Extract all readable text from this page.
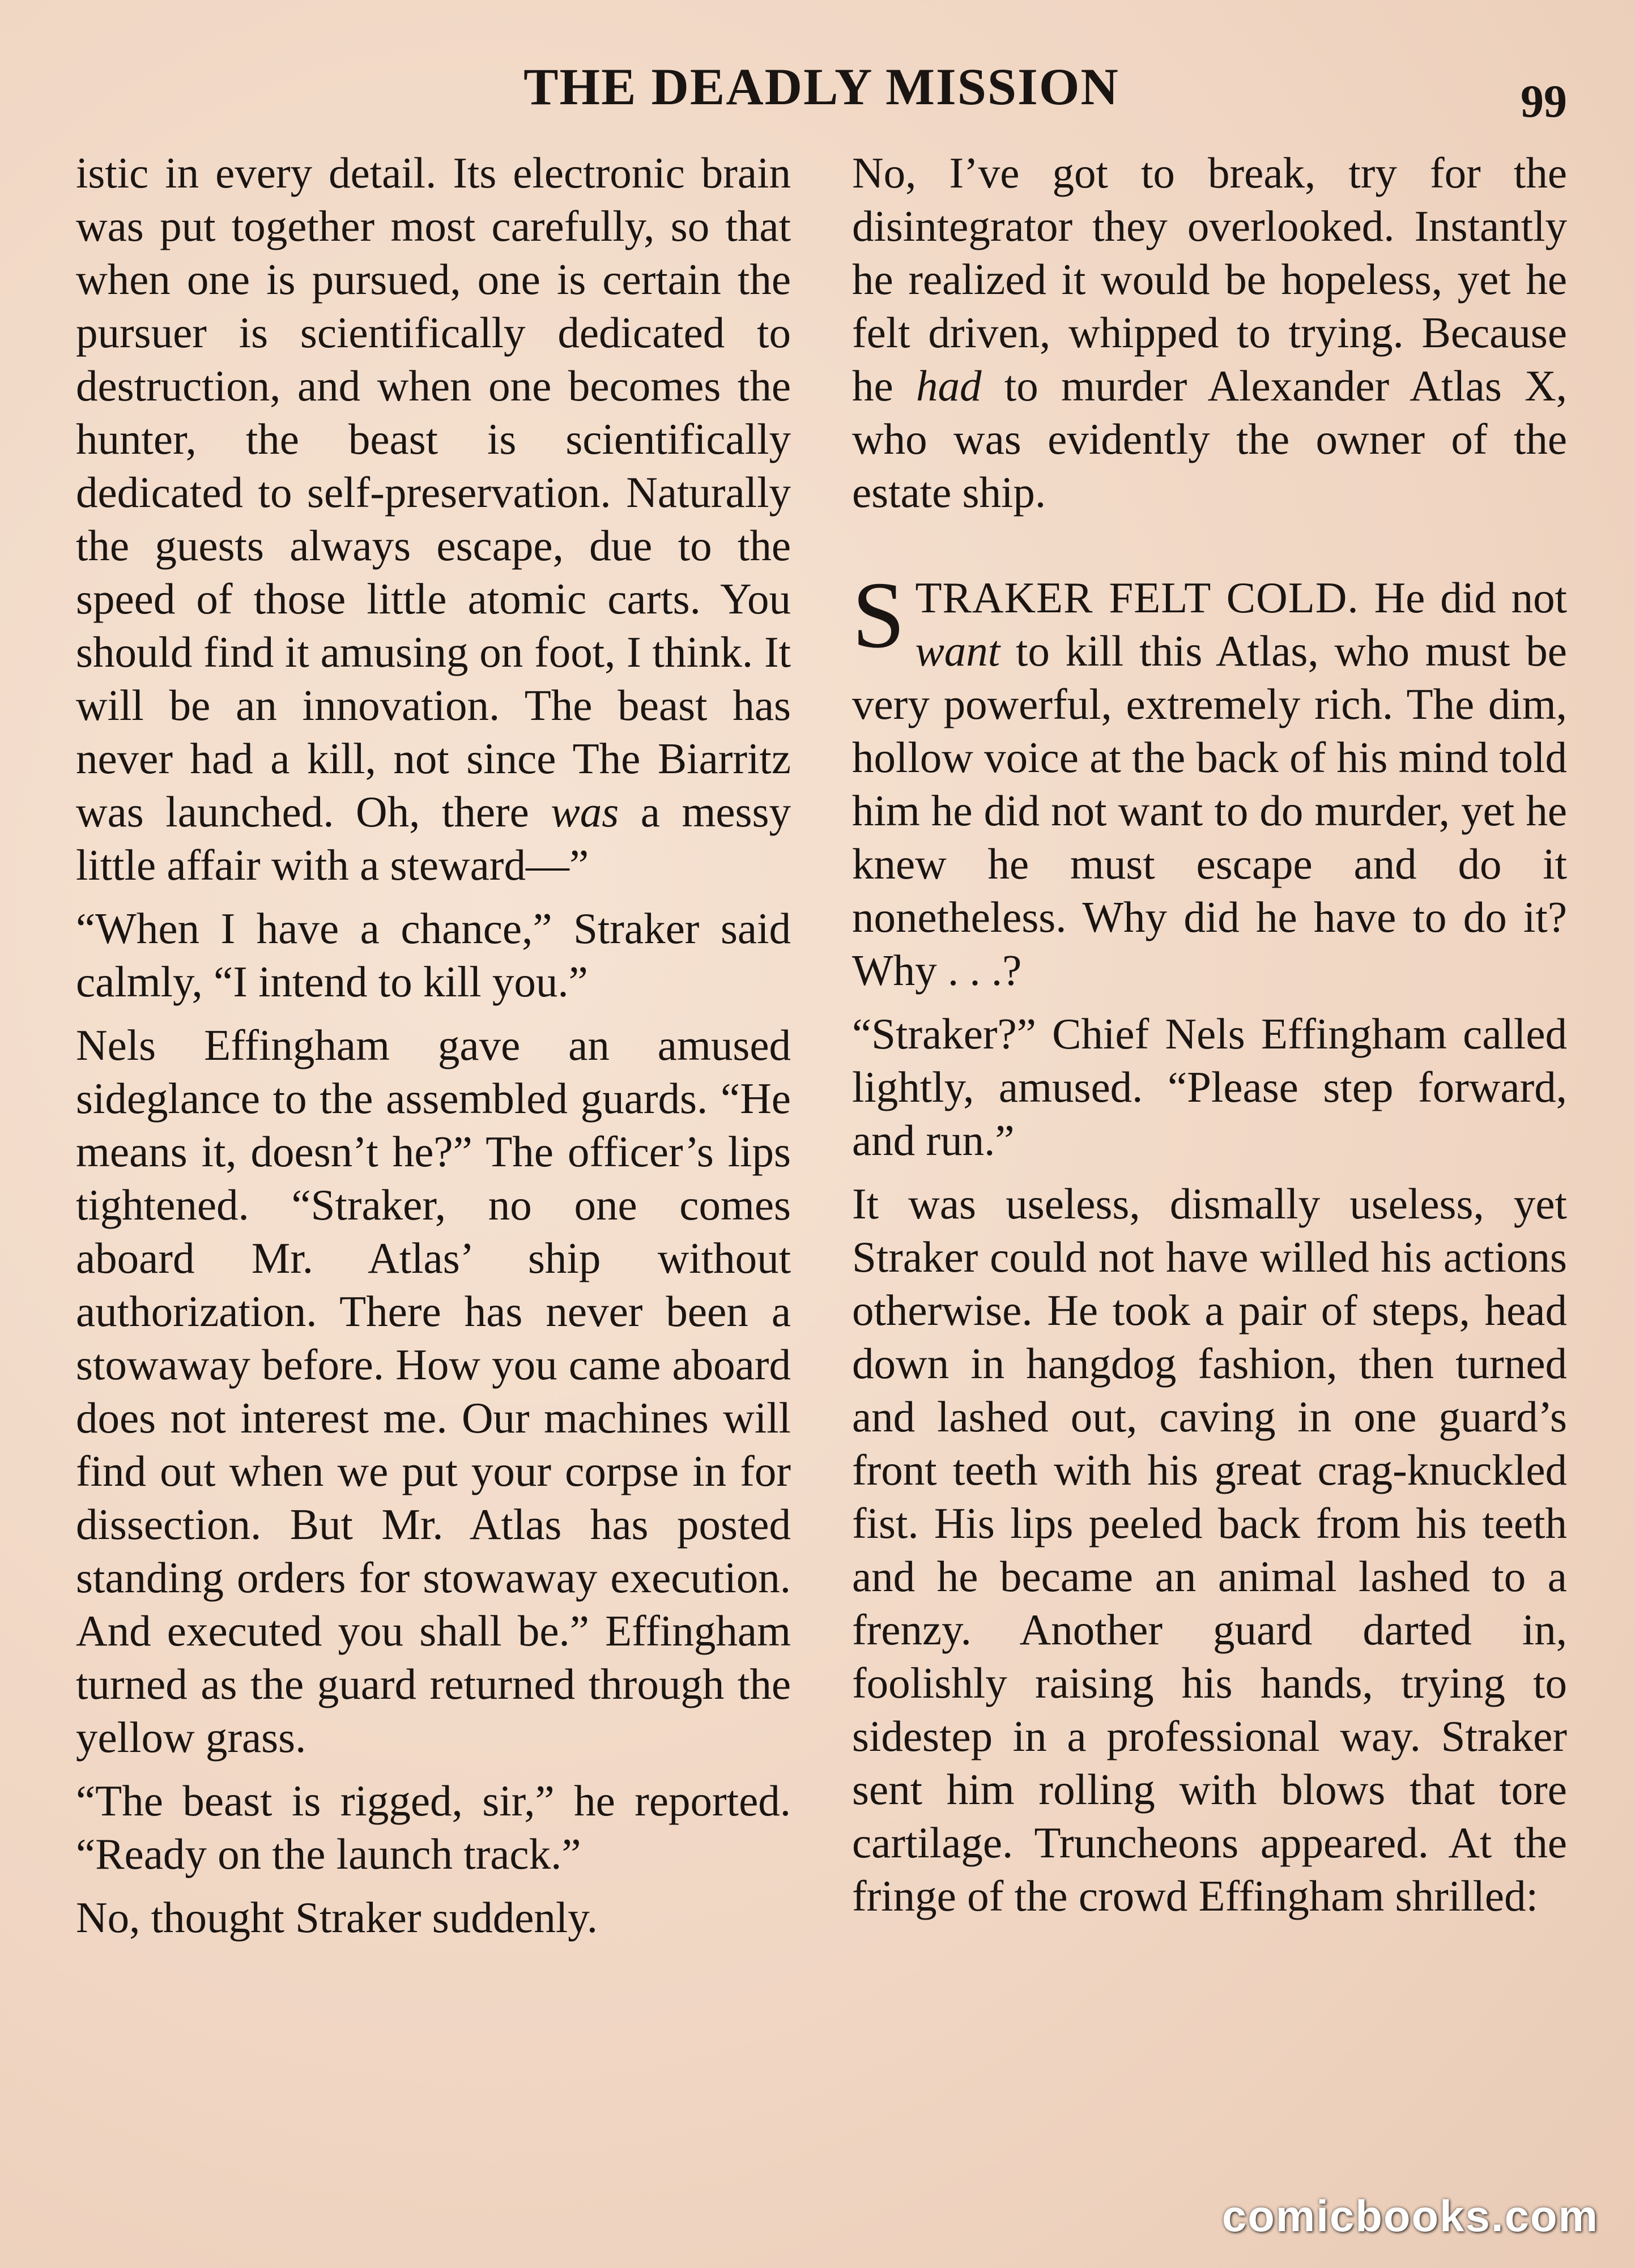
THE DEADLY MISSION	99

istic in every detail. Its electronic brain was put together most carefully, so that when one is pursued, one is certain the pursuer is scientifically dedicated to destruction, and when one becomes the hunter, the beast is scientifically dedicated to self-preservation. Naturally the guests always escape, due to the speed of those little atomic carts. You should find it amusing on foot, I think. It will be an innovation. The beast has never had a kill, not since The Biarritz was launched. Oh, there was a messy little affair with a steward—”

“When I have a chance,” Straker said calmly, “I intend to kill you.”

Nels Effingham gave an amused sideglance to the assembled guards. “He means it, doesn’t he?” The officer’s lips tightened. “Straker, no one comes aboard Mr. Atlas’ ship without authorization. There has never been a stowaway before. How you came aboard does not interest me. Our machines will find out when we put your corpse in for dissection. But Mr. Atlas has posted standing orders for stowaway execution. And executed you shall be.” Effingham turned as the guard returned through the yellow grass.

“The beast is rigged, sir,” he reported. “Ready on the launch track.”

No, thought Straker suddenly.

No, I’ve got to break, try for the disintegrator they overlooked. Instantly he realized it would be hopeless, yet he felt driven, whipped to trying. Because he had to murder Alexander Atlas X, who was evidently the owner of the estate ship.

STRAKER FELT COLD. He did not want to kill this Atlas, who must be very powerful, extremely rich. The dim, hollow voice at the back of his mind told him he did not want to do murder, yet he knew he must escape and do it nonetheless. Why did he have to do it? Why . . .?

“Straker?” Chief Nels Effingham called lightly, amused. “Please step forward, and run.”

It was useless, dismally useless, yet Straker could not have willed his actions otherwise. He took a pair of steps, head down in hangdog fashion, then turned and lashed out, caving in one guard’s front teeth with his great crag-knuckled fist. His lips peeled back from his teeth and he became an animal lashed to a frenzy. Another guard darted in, foolishly raising his hands, trying to sidestep in a professional way. Straker sent him rolling with blows that tore cartilage. Truncheons appeared. At the fringe of the crowd Effingham shrilled:

comicbooks.com
